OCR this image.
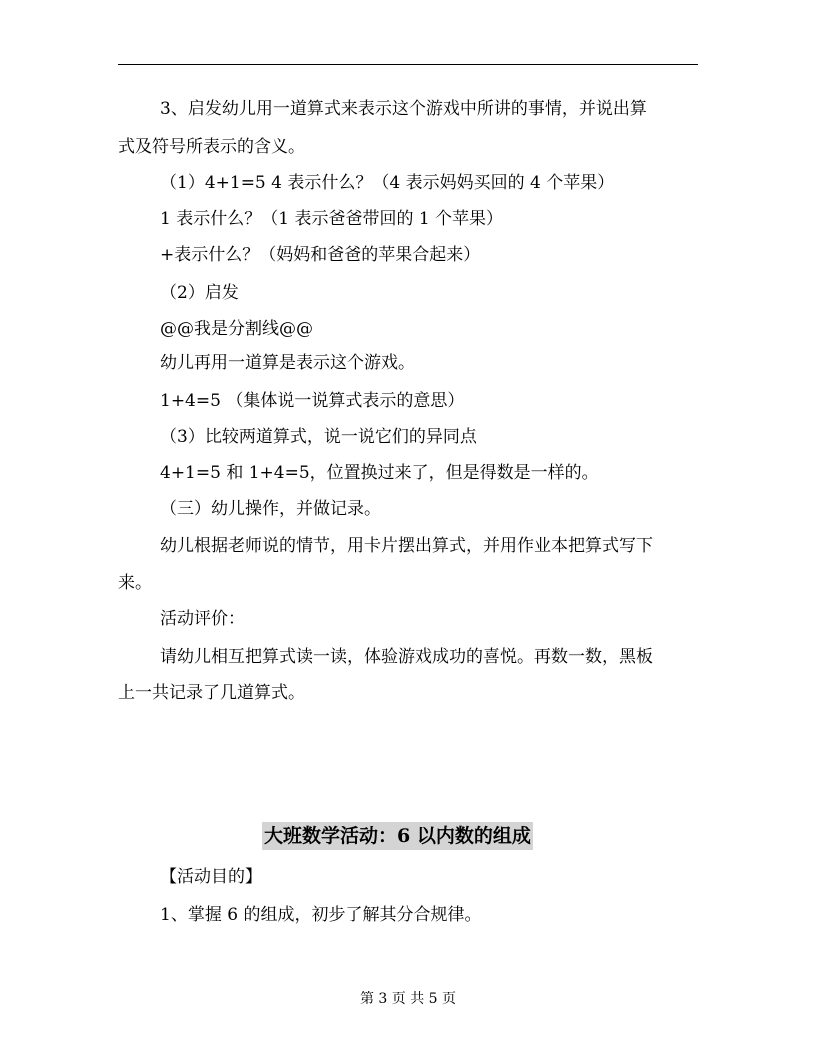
3、启发幼儿用一道算式来表示这个游戏中所讲的事情，并说出算
式及符号所表示的含义。
（1）4+1=5 4 表示什么？（4 表示妈妈买回的 4 个苹果）
1 表示什么？（1 表示爸爸带回的 1 个苹果）
+表示什么？（妈妈和爸爸的苹果合起来）
（2）启发
@@我是分割线@@
幼儿再用一道算是表示这个游戏。
1+4=5 （集体说一说算式表示的意思）
（3）比较两道算式，说一说它们的异同点
4+1=5 和 1+4=5，位置换过来了，但是得数是一样的。
（三）幼儿操作，并做记录。
幼儿根据老师说的情节，用卡片摆出算式，并用作业本把算式写下
来。
活动评价：
请幼儿相互把算式读一读，体验游戏成功的喜悦。再数一数，黑板
上一共记录了几道算式。
大班数学活动：6 以内数的组成
【活动目的】
1、掌握 6 的组成，初步了解其分合规律。
第 3 页 共 5 页
